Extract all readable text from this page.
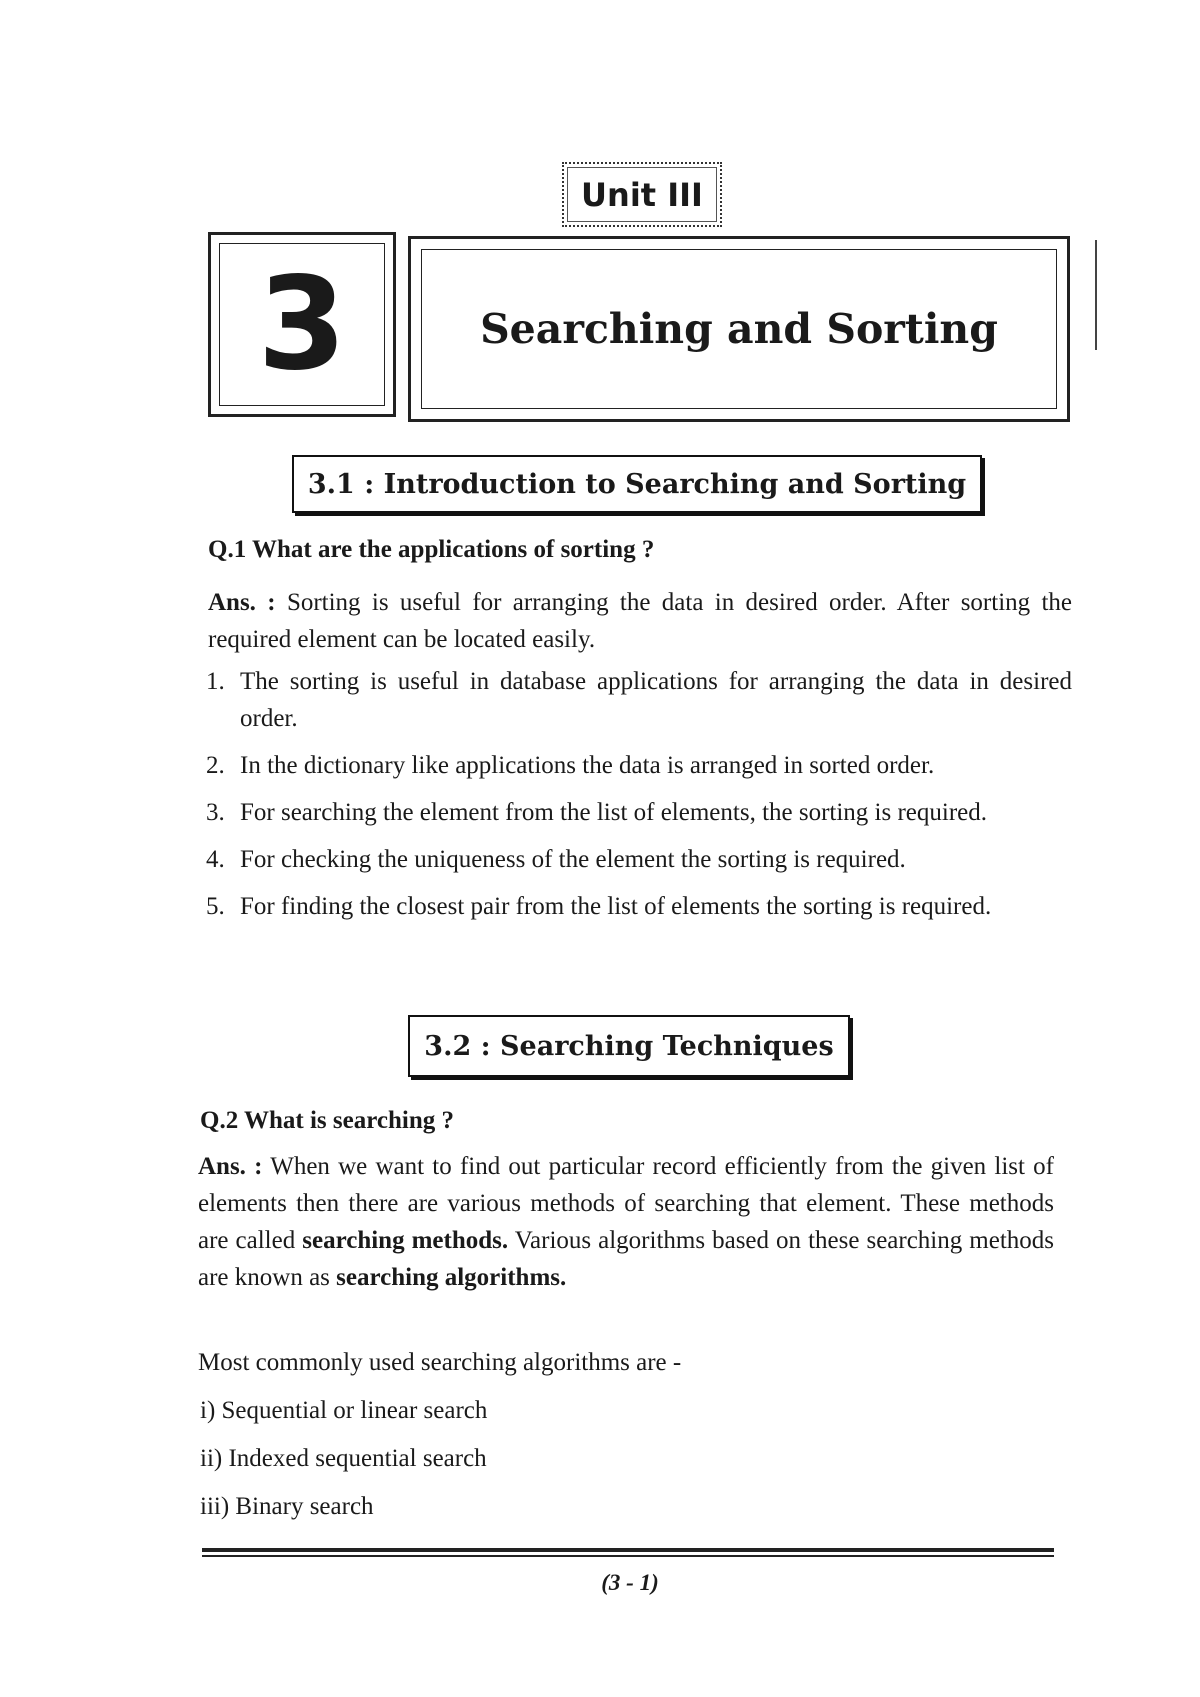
Unit III
3	Searching and Sorting
3.1 : Introduction to Searching and Sorting
Q.1 What are the applications of sorting ?
Ans. : Sorting is useful for arranging the data in desired order. After sorting the required element can be located easily.
1. The sorting is useful in database applications for arranging the data in desired order.
2. In the dictionary like applications the data is arranged in sorted order.
3. For searching the element from the list of elements, the sorting is required.
4. For checking the uniqueness of the element the sorting is required.
5. For finding the closest pair from the list of elements the sorting is required.
3.2 : Searching Techniques
Q.2 What is searching ?
Ans. : When we want to find out particular record efficiently from the given list of elements then there are various methods of searching that element. These methods are called searching methods. Various algorithms based on these searching methods are known as searching algorithms.
Most commonly used searching algorithms are -
i) Sequential or linear search
ii) Indexed sequential search
iii) Binary search
(3 - 1)
